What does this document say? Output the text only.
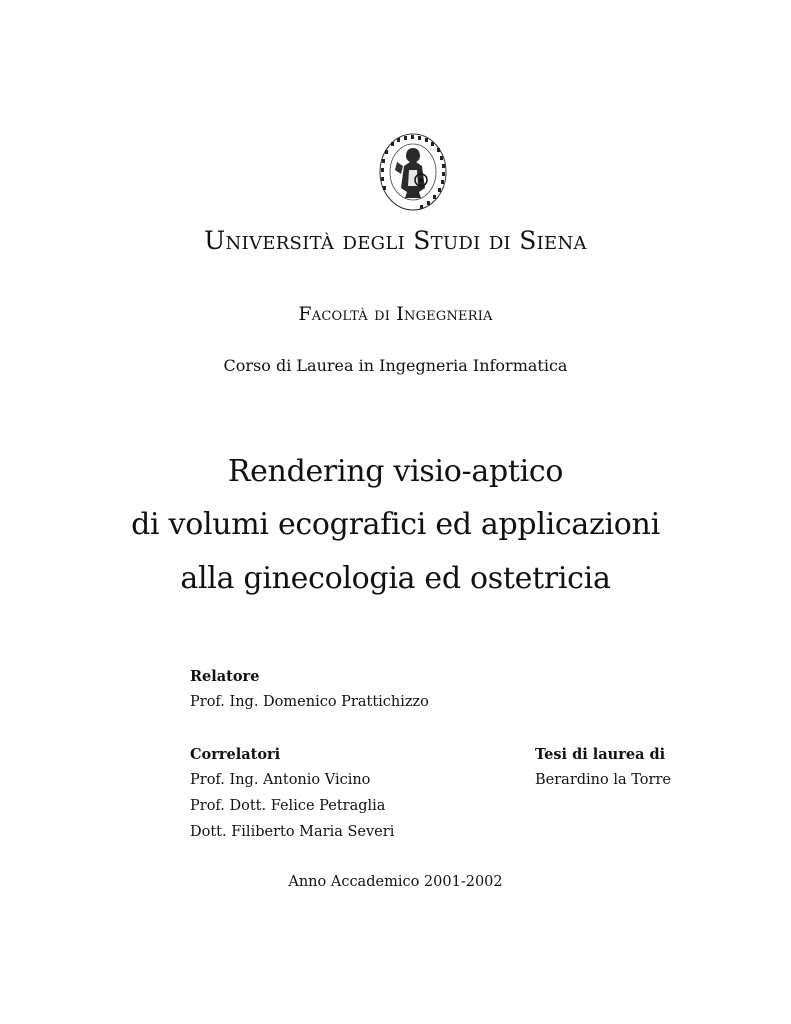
Università degli Studi di Siena
Facoltà di Ingegneria
Corso di Laurea in Ingegneria Informatica
Rendering visio-aptico
di volumi ecografici ed applicazioni
alla ginecologia ed ostetricia
Relatore
Prof. Ing. Domenico Prattichizzo
Correlatori
Prof. Ing. Antonio Vicino
Prof. Dott. Felice Petraglia
Dott. Filiberto Maria Severi
Tesi di laurea di
Berardino la Torre
Anno Accademico 2001-2002
